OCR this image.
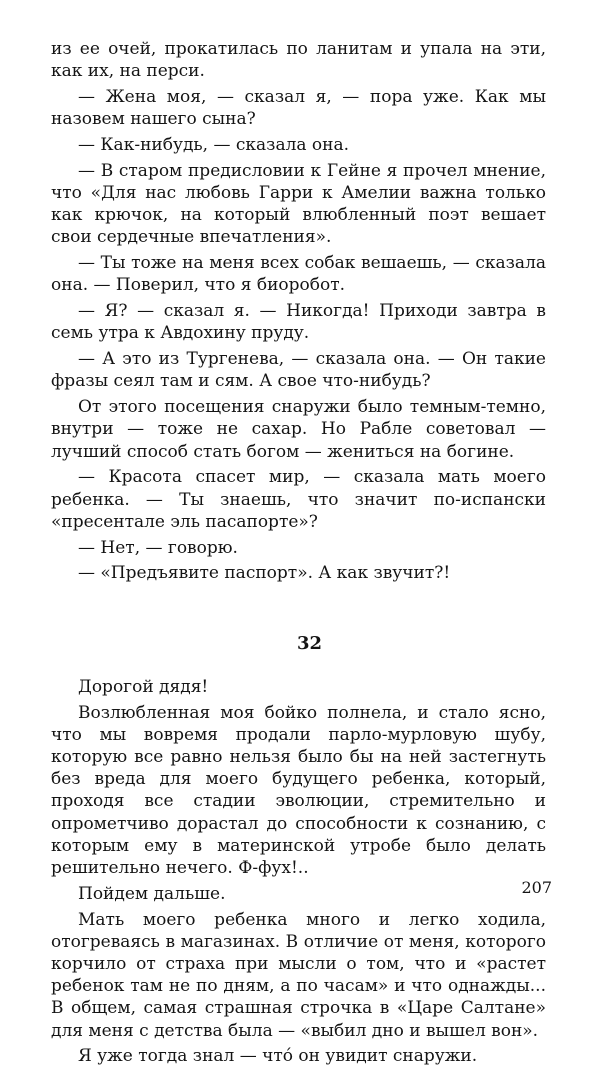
из ее очей, прокатилась по ланитам и упала на эти, как их, на перси.

— Жена моя, — сказал я, — пора уже. Как мы назовем нашего сына?

— Как-нибудь, — сказала она.

— В старом предисловии к Гейне я прочел мнение, что «Для нас любовь Гарри к Амелии важна только как крючок, на который влюбленный поэт вешает свои сердечные впечатления».

— Ты тоже на меня всех собак вешаешь, — сказала она. — Поверил, что я биоробот.

— Я? — сказал я. — Никогда! Приходи завтра в семь утра к Авдохину пруду.

— А это из Тургенева, — сказала она. — Он такие фразы сеял там и сям. А свое что-нибудь?

От этого посещения снаружи было темным-темно, внутри — тоже не сахар. Но Рабле советовал — лучший способ стать богом — жениться на богине.

— Красота спасет мир, — сказала мать моего ребенка. — Ты знаешь, что значит по-испански «пресентале эль пасапорте»?

— Нет, — говорю.

— «Предъявите паспорт». А как звучит?!

32

Дорогой дядя!

Возлюбленная моя бойко полнела, и стало ясно, что мы вовремя продали парло-мурловую шубу, которую все равно нельзя было бы на ней застегнуть без вреда для моего будущего ребенка, который, проходя все стадии эволюции, стремительно и опрометчиво дорастал до способности к сознанию, с которым ему в материнской утробе было делать решительно нечего. Ф-фух!..

Пойдем дальше.

Мать моего ребенка много и легко ходила, отогреваясь в магазинах. В отличие от меня, которого корчило от страха при мысли о том, что и «растет ребенок там не по дням, а по часам» и что однажды... В общем, самая страшная строчка в «Царе Салтане» для меня с детства была — «выбил дно и вышел вон».

Я уже тогда знал — что́ он увидит снаружи.

207
